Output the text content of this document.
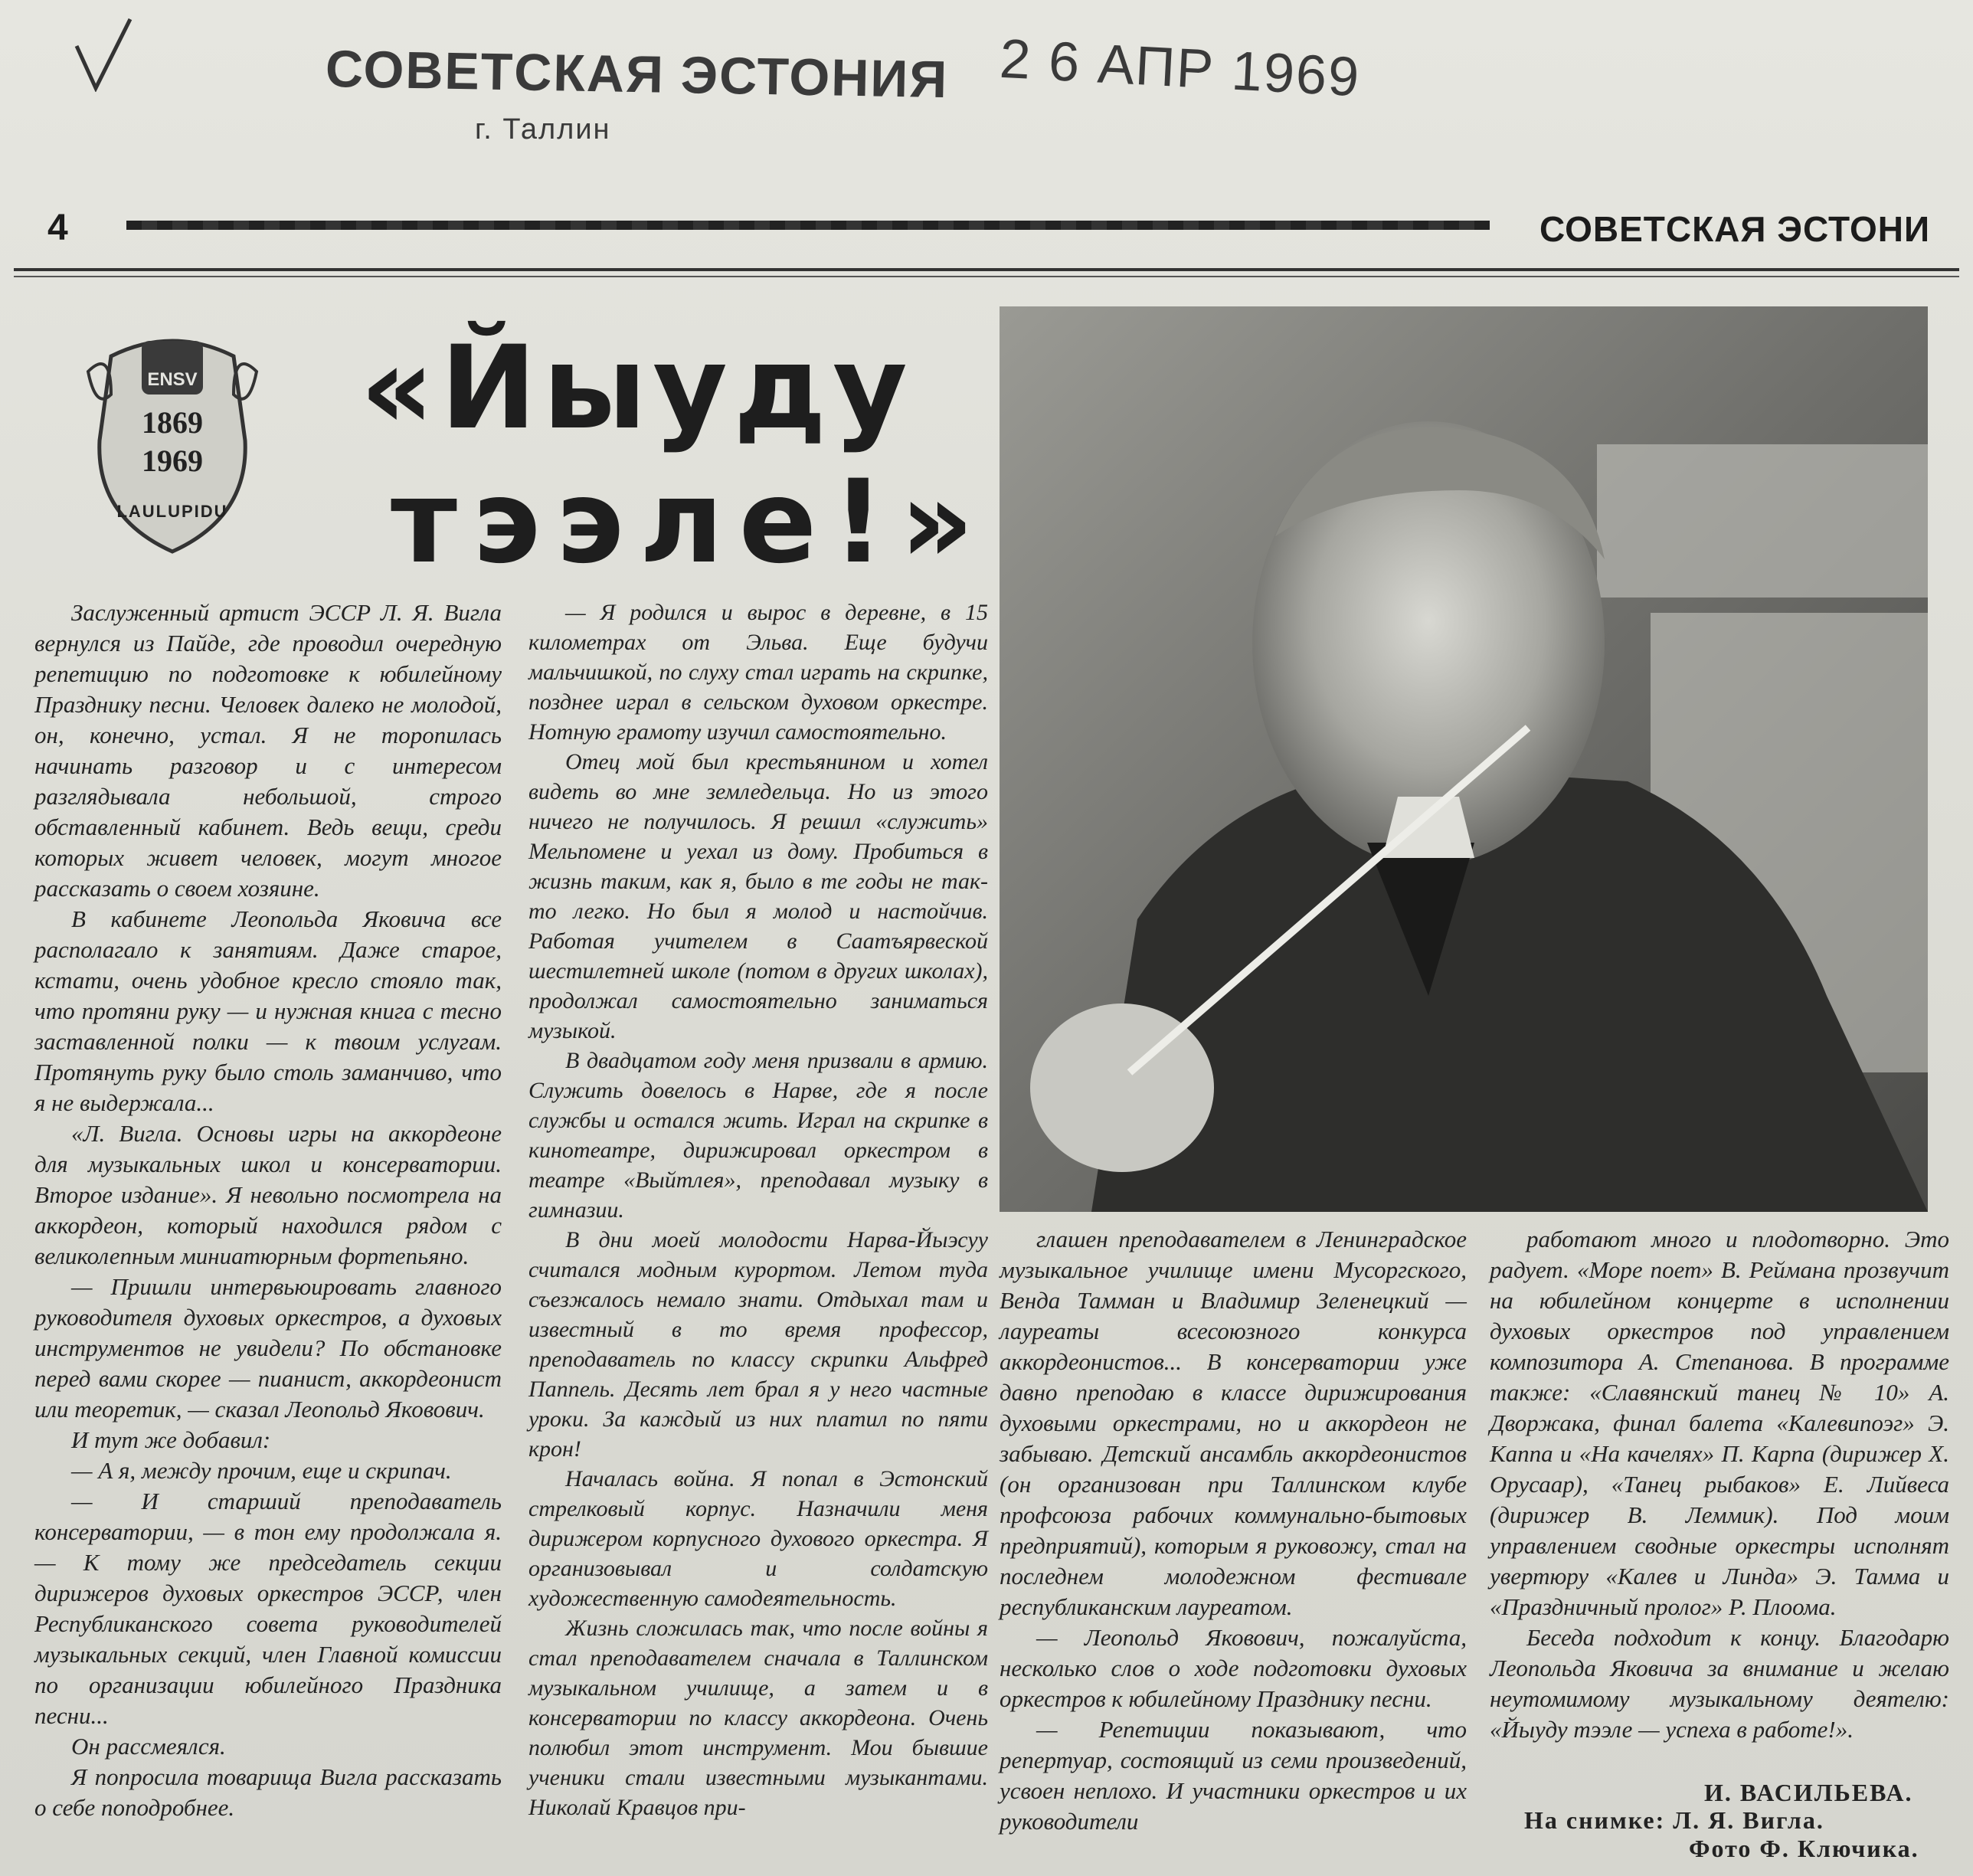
СОВЕТСКАЯ ЭСТОНИЯ
г. Таллин
2 6 АПР 1969
4	СОВЕТСКАЯ ЭСТОНИ
ENSV
1869
1969
LAULUPIDU
«Йыуду
тээле!»

Заслуженный артист ЭССР Л. Я. Вигла вернулся из Пайде, где проводил очередную репетицию по подготовке к юбилейному Празднику песни. Человек далеко не молодой, он, конечно, устал. Я не торопилась начинать разговор и с интересом разглядывала небольшой, строго обставленный кабинет. Ведь вещи, среди которых живет человек, могут многое рассказать о своем хозяине.

В кабинете Леопольда Яковича все располагало к занятиям. Даже старое, кстати, очень удобное кресло стояло так, что протяни руку — и нужная книга с тесно заставленной полки — к твоим услугам. Протянуть руку было столь заманчиво, что я не выдержала...

«Л. Вигла. Основы игры на аккордеоне для музыкальных школ и консерватории. Второе издание». Я невольно посмотрела на аккордеон, который находился рядом с великолепным миниатюрным фортепьяно.

— Пришли интервьюировать главного руководителя духовых оркестров, а духовых инструментов не увидели? По обстановке перед вами скорее — пианист, аккордеонист или теоретик, — сказал Леопольд Яковович.

И тут же добавил:

— А я, между прочим, еще и скрипач.

— И старший преподаватель консерватории, — в тон ему продолжала я. — К тому же председатель секции дирижеров духовых оркестров ЭССР, член Республиканского совета руководителей музыкальных секций, член Главной комиссии по организации юбилейного Праздника песни...

Он рассмеялся.

Я попросила товарища Вигла рассказать о себе поподробнее.

— Я родился и вырос в деревне, в 15 километрах от Эльва. Еще будучи мальчишкой, по слуху стал играть на скрипке, позднее играл в сельском духовом оркестре. Нотную грамоту изучил самостоятельно.

Отец мой был крестьянином и хотел видеть во мне земледельца. Но из этого ничего не получилось. Я решил «служить» Мельпомене и уехал из дому. Пробиться в жизнь таким, как я, было в те годы не так-то легко. Но был я молод и настойчив. Работая учителем в Саатъярвеской шестилетней школе (потом в других школах), продолжал самостоятельно заниматься музыкой.

В двадцатом году меня призвали в армию. Служить довелось в Нарве, где я после службы и остался жить. Играл на скрипке в кинотеатре, дирижировал оркестром в театре «Выйтлея», преподавал музыку в гимназии.

В дни моей молодости Нарва-Йыэсуу считался модным курортом. Летом туда съезжалось немало знати. Отдыхал там и известный в то время профессор, преподаватель по классу скрипки Альфред Паппель. Десять лет брал я у него частные уроки. За каждый из них платил по пяти крон!

Началась война. Я попал в Эстонский стрелковый корпус. Назначили меня дирижером корпусного духового оркестра. Я организовывал и солдатскую художественную самодеятельность.

Жизнь сложилась так, что после войны я стал преподавателем сначала в Таллинском музыкальном училище, а затем и в консерватории по классу аккордеона. Очень полюбил этот инструмент. Мои бывшие ученики стали известными музыкантами. Николай Кравцов при-

глашен преподавателем в Ленинградское музыкальное училище имени Мусоргского, Венда Тамман и Владимир Зеленецкий — лауреаты всесоюзного конкурса аккордеонистов... В консерватории уже давно преподаю в классе дирижирования духовыми оркестрами, но и аккордеон не забываю. Детский ансамбль аккордеонистов (он организован при Таллинском клубе профсоюза рабочих коммунально-бытовых предприятий), которым я руковожу, стал на последнем молодежном фестивале республиканским лауреатом.

— Леопольд Яковович, пожалуйста, несколько слов о ходе подготовки духовых оркестров к юбилейному Празднику песни.

— Репетиции показывают, что репертуар, состоящий из семи произведений, усвоен неплохо. И участники оркестров и их руководители

работают много и плодотворно. Это радует. «Море поет» В. Реймана прозвучит на юбилейном концерте в исполнении духовых оркестров под управлением композитора А. Степанова. В программе также: «Славянский танец № 10» А. Дворжака, финал балета «Калевипоэг» Э. Каппа и «На качелях» П. Карпа (дирижер Х. Орусаар), «Танец рыбаков» Е. Лийвеса (дирижер В. Леммик). Под моим управлением сводные оркестры исполнят увертюру «Калев и Линда» Э. Тамма и «Праздничный пролог» Р. Плоома.

Беседа подходит к концу. Благодарю Леопольда Яковича за внимание и желаю неутомимому музыкальному деятелю: «Йыуду тээле — успеха в работе!».

И. ВАСИЛЬЕВА.
На снимке: Л. Я. Вигла.
Фото Ф. Ключика.
